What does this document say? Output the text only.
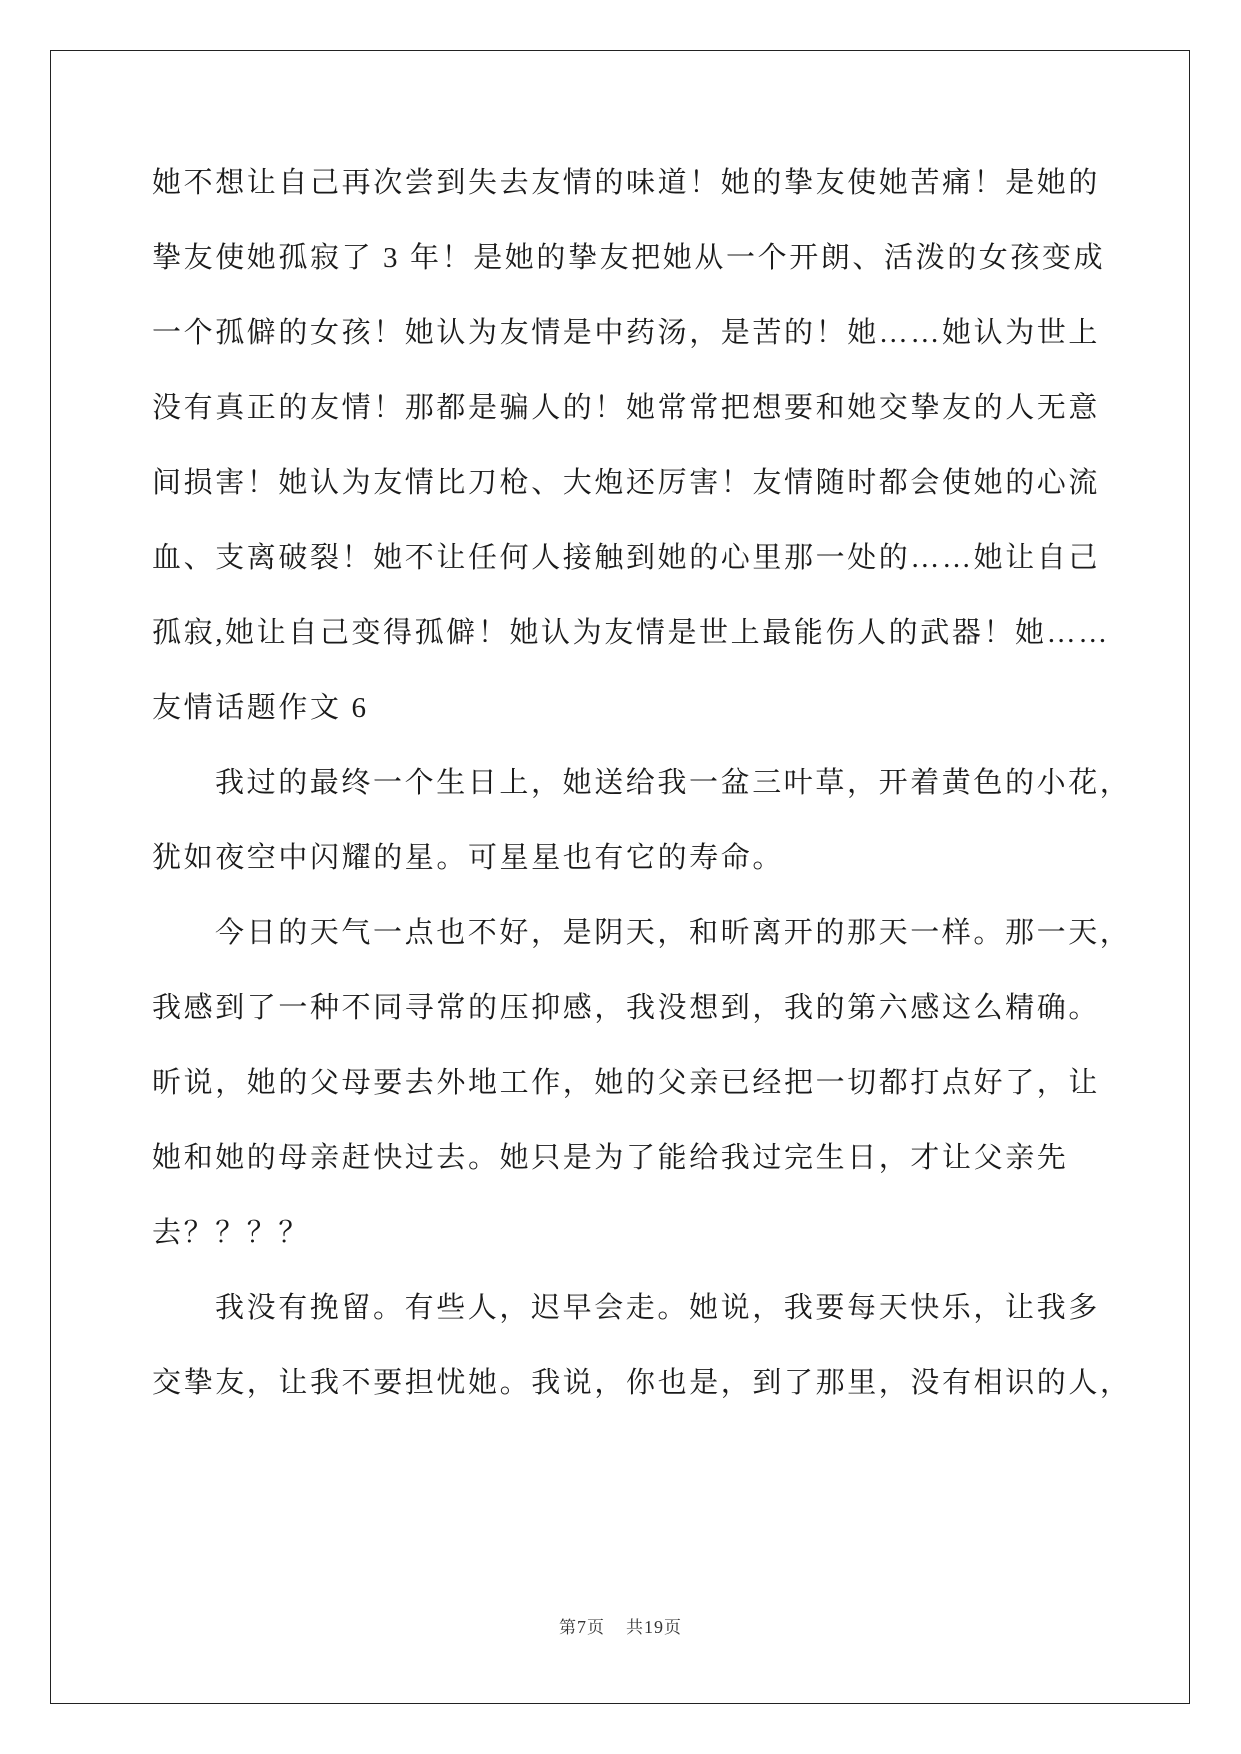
她不想让自己再次尝到失去友情的味道！她的挚友使她苦痛！是她的
挚友使她孤寂了 3 年！是她的挚友把她从一个开朗、活泼的女孩变成
一个孤僻的女孩！她认为友情是中药汤，是苦的！她……她认为世上
没有真正的友情！那都是骗人的！她常常把想要和她交挚友的人无意
间损害！她认为友情比刀枪、大炮还厉害！友情随时都会使她的心流
血、支离破裂！她不让任何人接触到她的心里那一处的……她让自己
孤寂,她让自己变得孤僻！她认为友情是世上最能伤人的武器！她……
友情话题作文 6
我过的最终一个生日上，她送给我一盆三叶草，开着黄色的小花，
犹如夜空中闪耀的星。可星星也有它的寿命。
今日的天气一点也不好，是阴天，和昕离开的那天一样。那一天，
我感到了一种不同寻常的压抑感，我没想到，我的第六感这么精确。
昕说，她的父母要去外地工作，她的父亲已经把一切都打点好了，让
她和她的母亲赶快过去。她只是为了能给我过完生日，才让父亲先
去？？？？
我没有挽留。有些人，迟早会走。她说，我要每天快乐，让我多
交挚友，让我不要担忧她。我说，你也是，到了那里，没有相识的人，
第7页 共19页
